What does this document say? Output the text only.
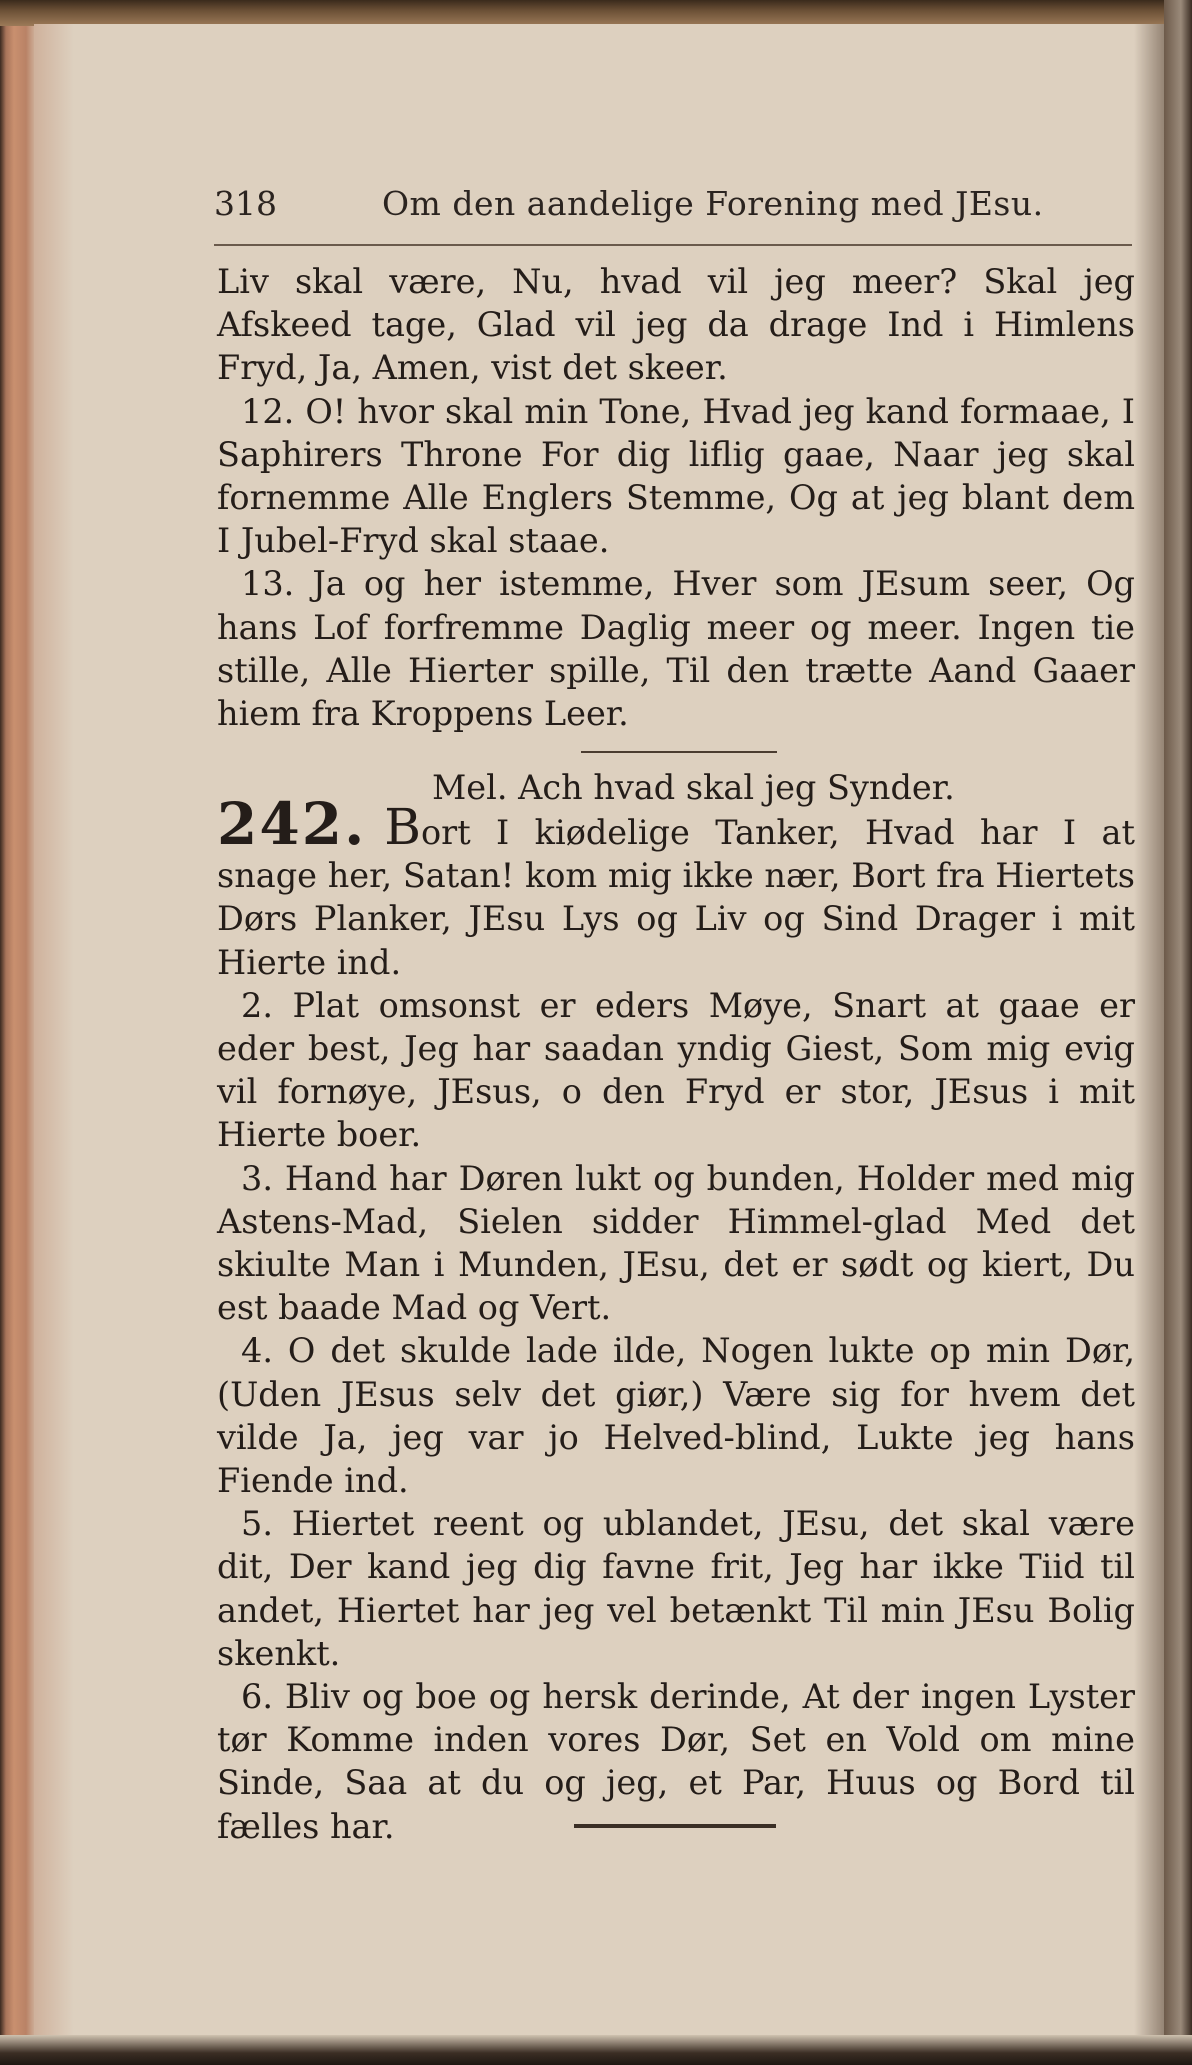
318	Om den aandelige Forening med JEsu.

Liv skal være, Nu, hvad vil jeg meer? Skal jeg Afskeed tage, Glad vil jeg da drage Ind i Himlens Fryd, Ja, Amen, vist det skeer.

12. O! hvor skal min Tone, Hvad jeg kand formaae, I Saphirers Throne For dig liflig gaae, Naar jeg skal fornemme Alle Englers Stemme, Og at jeg blant dem I Jubel-Fryd skal staae.

13. Ja og her istemme, Hver som JEsum seer, Og hans Lof forfremme Daglig meer og meer. Ingen tie stille, Alle Hierter spille, Til den trætte Aand Gaaer hiem fra Kroppens Leer.

Mel. Ach hvad skal jeg Synder.

242. Bort I kiødelige Tanker, Hvad har I at snage her, Satan! kom mig ikke nær, Bort fra Hiertets Dørs Planker, JEsu Lys og Liv og Sind Drager i mit Hierte ind.

2. Plat omsonst er eders Møye, Snart at gaae er eder best, Jeg har saadan yndig Giest, Som mig evig vil fornøye, JEsus, o den Fryd er stor, JEsus i mit Hierte boer.

3. Hand har Døren lukt og bunden, Holder med mig Astens-Mad, Sielen sidder Himmel-glad Med det skiulte Man i Munden, JEsu, det er sødt og kiert, Du est baade Mad og Vert.

4. O det skulde lade ilde, Nogen lukte op min Dør, (Uden JEsus selv det giør,) Være sig for hvem det vilde Ja, jeg var jo Helved-blind, Lukte jeg hans Fiende ind.

5. Hiertet reent og ublandet, JEsu, det skal være dit, Der kand jeg dig favne frit, Jeg har ikke Tiid til andet, Hiertet har jeg vel betænkt Til min JEsu Bolig skenkt.

6. Bliv og boe og hersk derinde, At der ingen Lyster tør Komme inden vores Dør, Set en Vold om mine Sinde, Saa at du og jeg, et Par, Huus og Bord til fælles har.
